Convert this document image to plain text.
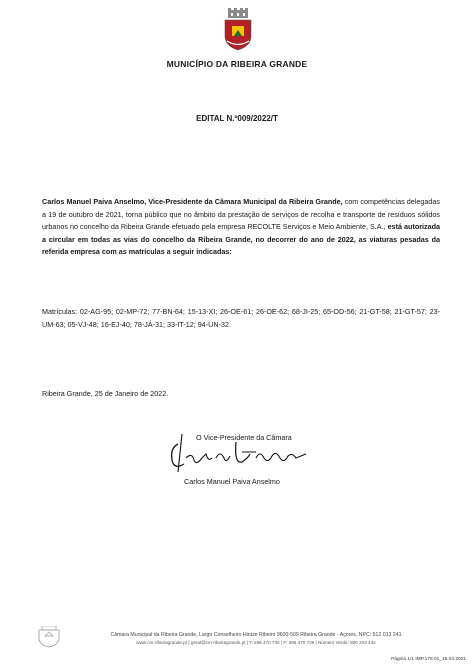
MUNICÍPIO DA RIBEIRA GRANDE
EDITAL N.º009/2022/T
Carlos Manuel Paiva Anselmo, Vice-Presidente da Câmara Municipal da Ribeira Grande, com competências delegadas a 19 de outubro de 2021, torna público que no âmbito da prestação de serviços de recolha e transporte de resíduos sólidos urbanos no concelho da Ribeira Grande efetuado pela empresa RECOLTE Serviços e Meio Ambiente, S.A., está autorizada a circular em todas as vias do concelho da Ribeira Grande, no decorrer do ano de 2022, as viaturas pesadas da referida empresa com as matrículas a seguir indicadas:
Matrículas: 02-AG-95; 02-MP-72; 77-BN-64; 15-13-XI; 26-OE-61; 26-OE-62; 68-JI-25; 65-OD-56; 21-GT-58; 21-GT-57; 23-UM-63; 05-VJ-48; 16-EJ-40; 78-JÁ-31; 33-IT-12; 94-UN-32.
Ribeira Grande, 25 de Janeiro de 2022.
O Vice-Presidente da Câmara
Carlos Manuel Paiva Anselmo
Câmara Municipal da Ribeira Grande, Largo Conselheiro Hintze Ribeiro 9600-509 Ribeira Grande - Açores, NPC: 512 013 241
www.cm-ribeiragrande.pt | geral@cm-ribeiragrande.pt | T: 296 470 730 | F: 296 470 736 | Número Verde: 800 203 432
Página 1/1 IMP.178.01_18.03.2021
